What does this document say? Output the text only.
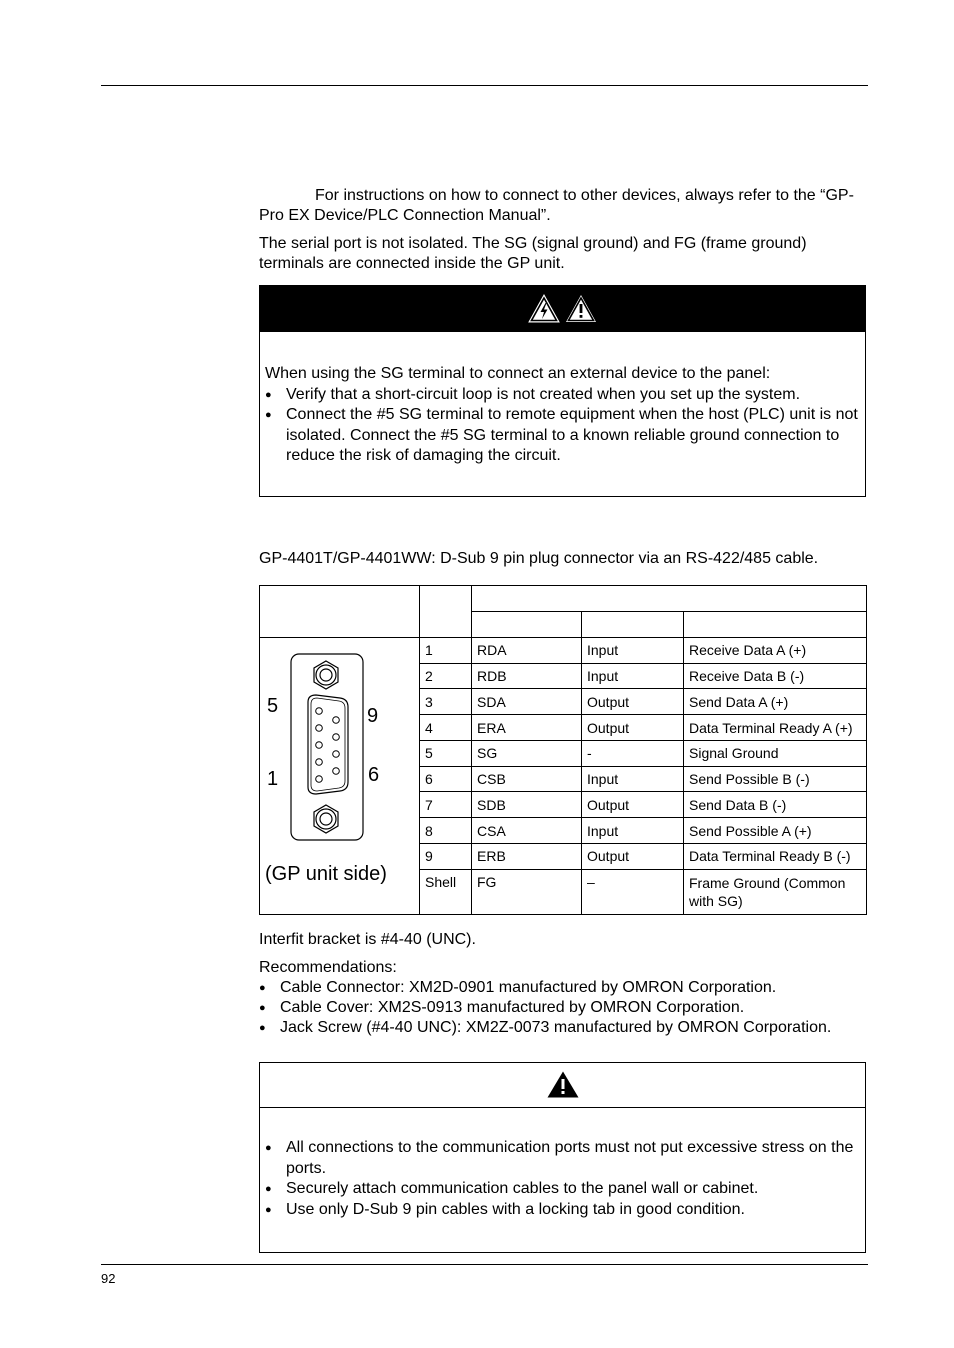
For instructions on how to connect to other devices, always refer to the “GP-
Pro EX Device/PLC Connection Manual”.
The serial port is not isolated. The SG (signal ground) and FG (frame ground) terminals are connected inside the GP unit.

When using the SG terminal to connect an external device to the panel:
● Verify that a short-circuit loop is not created when you set up the system.
● Connect the #5 SG terminal to remote equipment when the host (PLC) unit is not isolated. Connect the #5 SG terminal to a known reliable ground connection to reduce the risk of damaging the circuit.
GP-4401T/GP-4401WW: D-Sub 9 pin plug connector via an RS-422/485 cable.

5 9
1 6
(GP unit side)	1	RDA	Input	Receive Data A (+)
	2	RDB	Input	Receive Data B (-)
	3	SDA	Output	Send Data A (+)
	4	ERA	Output	Data Terminal Ready A (+)
	5	SG	-	Signal Ground
	6	CSB	Input	Send Possible B (-)
	7	SDB	Output	Send Data B (-)
	8	CSA	Input	Send Possible A (+)
	9	ERB	Output	Data Terminal Ready B (-)
	Shell	FG	–	Frame Ground (Common with SG)
Interfit bracket is #4-40 (UNC).
Recommendations:
● Cable Connector: XM2D-0901 manufactured by OMRON Corporation.
● Cable Cover: XM2S-0913 manufactured by OMRON Corporation.
● Jack Screw (#4-40 UNC): XM2Z-0073 manufactured by OMRON Corporation.
● All connections to the communication ports must not put excessive stress on the ports.
● Securely attach communication cables to the panel wall or cabinet.
● Use only D-Sub 9 pin cables with a locking tab in good condition.
92
